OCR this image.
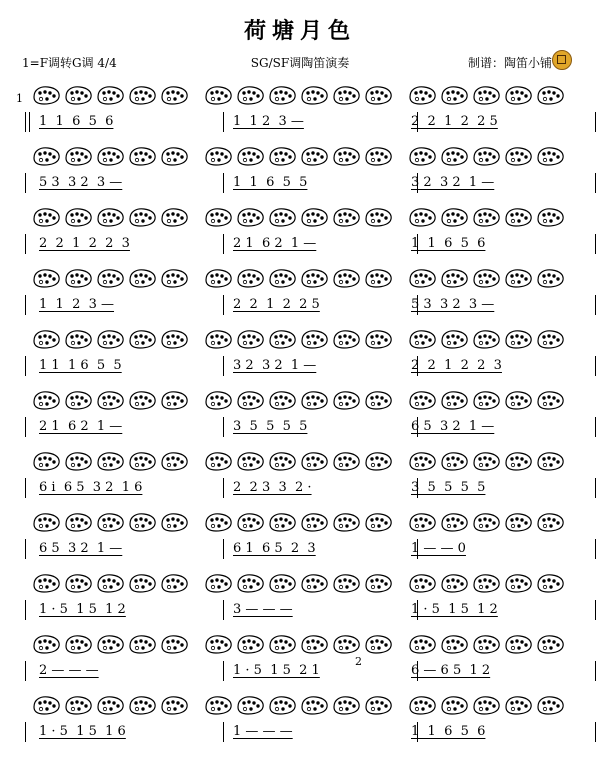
荷塘月色
1=F调转G调 4/4	SG/SF调陶笛演奏	制谱：陶笛小铺
1
2
1  1  6  5  6	1  1 2  3 —	2  2  1  2  2 5
5 3  3 2  3 —	1  1  6  5  5	3 2  3 2  1 —
2  2  1  2  2  3	2 1  6 2  1 —	1  1  6  5  6
1  1  2  3 —	2  2  1  2  2 5	5 3  3 2  3 —
1 1  1 6  5  5	3 2  3 2  1 —	2  2  1  2  2  3
2 1  6 2  1 —	3  5  5  5  5	6 5  3 2  1 —
6 i  6 5  3 2  1 6	2  2 3  3  2 ·	3  5  5  5  5
6 5  3 2  1 —	6 1  6 5  2  3	1 — — 0
1 · 5  1 5  1 2	3 — — —	1 · 5  1 5  1 2
2 — — —	1 · 5  1 5  2 1	6 — 6 5  1 2
1 · 5  1 5  1 6	1 — — —	1  1  6  5  6
